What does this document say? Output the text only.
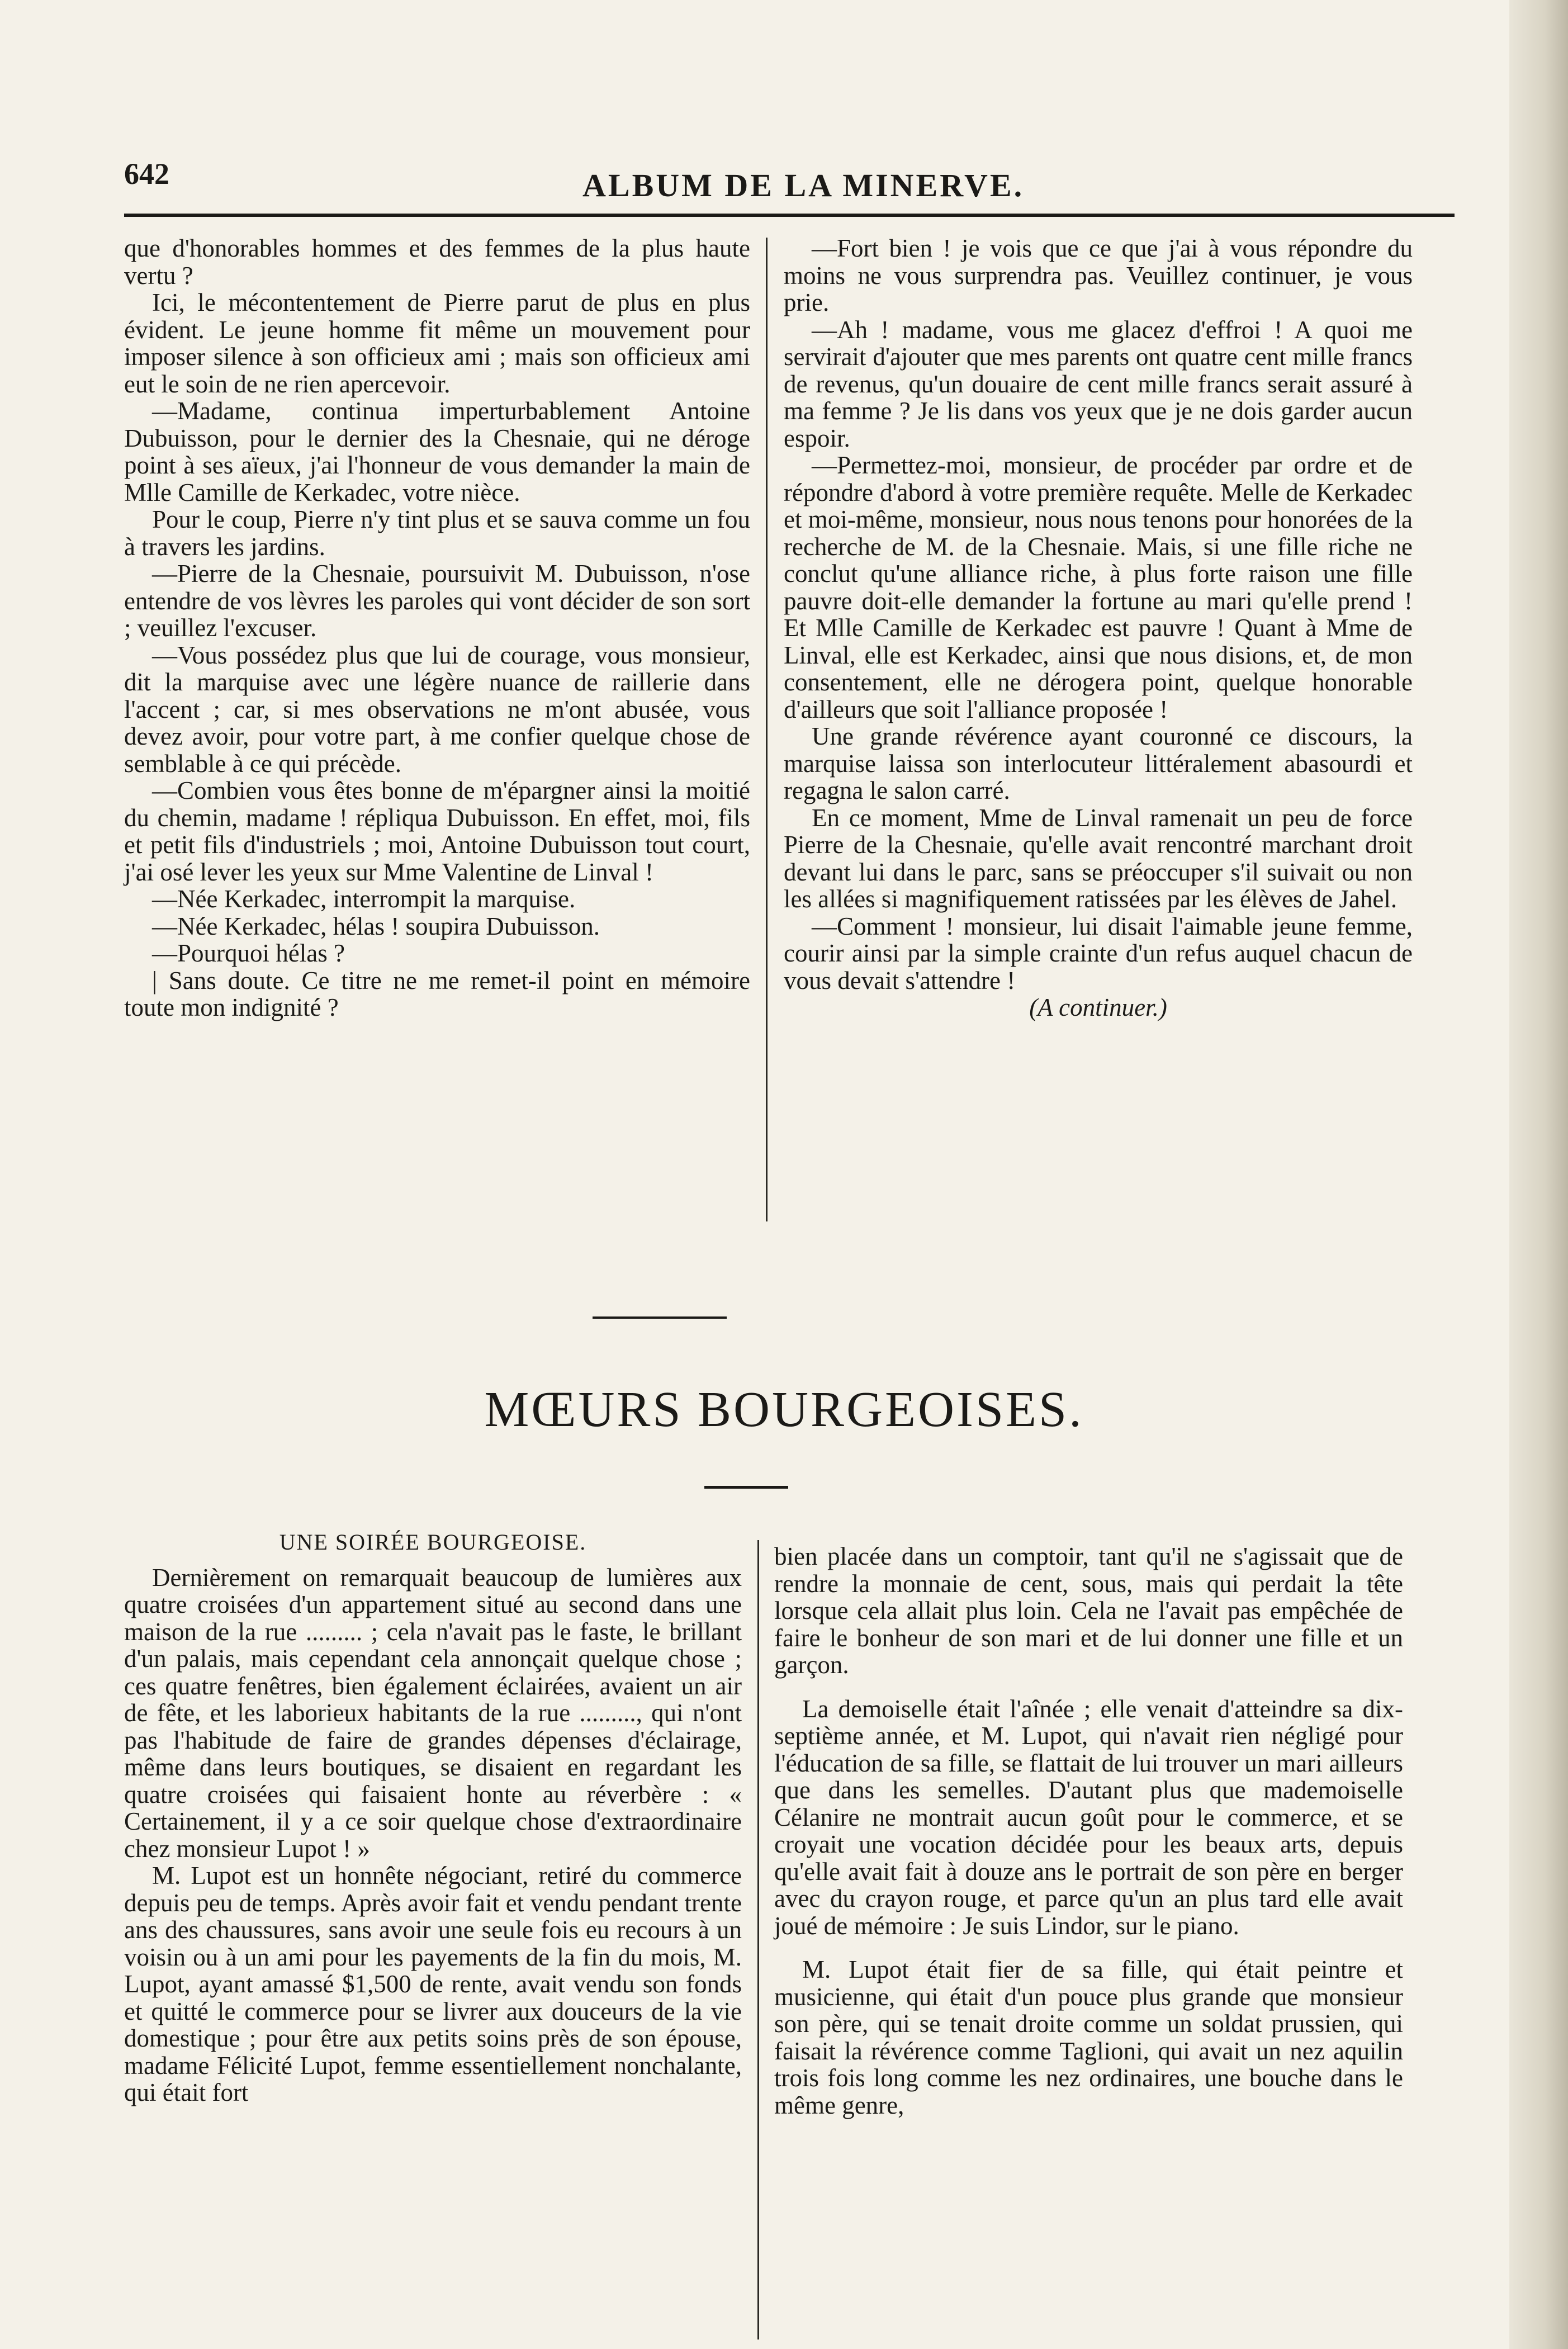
642	ALBUM DE LA MINERVE.

que d'honorables hommes et des femmes de la plus haute vertu ?

Ici, le mécontentement de Pierre parut de plus en plus évident. Le jeune homme fit même un mouvement pour imposer silence à son officieux ami ; mais son officieux ami eut le soin de ne rien apercevoir.

—Madame, continua imperturbablement Antoine Dubuisson, pour le dernier des la Chesnaie, qui ne déroge point à ses aïeux, j'ai l'honneur de vous demander la main de Mlle Camille de Kerkadec, votre nièce.

Pour le coup, Pierre n'y tint plus et se sauva comme un fou à travers les jardins.

—Pierre de la Chesnaie, poursuivit M. Dubuisson, n'ose entendre de vos lèvres les paroles qui vont décider de son sort ; veuillez l'excuser.

—Vous possédez plus que lui de courage, vous monsieur, dit la marquise avec une légère nuance de raillerie dans l'accent ; car, si mes observations ne m'ont abusée, vous devez avoir, pour votre part, à me confier quelque chose de semblable à ce qui précède.

—Combien vous êtes bonne de m'épargner ainsi la moitié du chemin, madame ! répliqua Dubuisson. En effet, moi, fils et petit fils d'industriels ; moi, Antoine Dubuisson tout court, j'ai osé lever les yeux sur Mme Valentine de Linval !

—Née Kerkadec, interrompit la marquise.

—Née Kerkadec, hélas ! soupira Dubuisson.

—Pourquoi hélas ?

| Sans doute. Ce titre ne me remet-il point en mémoire toute mon indignité ?

—Fort bien ! je vois que ce que j'ai à vous répondre du moins ne vous surprendra pas. Veuillez continuer, je vous prie.

—Ah ! madame, vous me glacez d'effroi ! A quoi me servirait d'ajouter que mes parents ont quatre cent mille francs de revenus, qu'un douaire de cent mille francs serait assuré à ma femme ? Je lis dans vos yeux que je ne dois garder aucun espoir.

—Permettez-moi, monsieur, de procéder par ordre et de répondre d'abord à votre première requête. Melle de Kerkadec et moi-même, monsieur, nous nous tenons pour honorées de la recherche de M. de la Chesnaie. Mais, si une fille riche ne conclut qu'une alliance riche, à plus forte raison une fille pauvre doit-elle demander la fortune au mari qu'elle prend ! Et Mlle Camille de Kerkadec est pauvre ! Quant à Mme de Linval, elle est Kerkadec, ainsi que nous disions, et, de mon consentement, elle ne dérogera point, quelque honorable d'ailleurs que soit l'alliance proposée !

Une grande révérence ayant couronné ce discours, la marquise laissa son interlocuteur littéralement abasourdi et regagna le salon carré.

En ce moment, Mme de Linval ramenait un peu de force Pierre de la Chesnaie, qu'elle avait rencontré marchant droit devant lui dans le parc, sans se préoccuper s'il suivait ou non les allées si magnifiquement ratissées par les élèves de Jahel.

—Comment ! monsieur, lui disait l'aimable jeune femme, courir ainsi par la simple crainte d'un refus auquel chacun de vous devait s'attendre !

(A continuer.)

MŒURS BOURGEOISES.
UNE SOIRÉE BOURGEOISE.

Dernièrement on remarquait beaucoup de lumières aux quatre croisées d'un appartement situé au second dans une maison de la rue ......... ; cela n'avait pas le faste, le brillant d'un palais, mais cependant cela annonçait quelque chose ; ces quatre fenêtres, bien également éclairées, avaient un air de fête, et les laborieux habitants de la rue ........., qui n'ont pas l'habitude de faire de grandes dépenses d'éclairage, même dans leurs boutiques, se disaient en regardant les quatre croisées qui faisaient honte au réverbère : « Certainement, il y a ce soir quelque chose d'extraordinaire chez monsieur Lupot ! »

M. Lupot est un honnête négociant, retiré du commerce depuis peu de temps. Après avoir fait et vendu pendant trente ans des chaussures, sans avoir une seule fois eu recours à un voisin ou à un ami pour les payements de la fin du mois, M. Lupot, ayant amassé $1,500 de rente, avait vendu son fonds et quitté le commerce pour se livrer aux douceurs de la vie domestique ; pour être aux petits soins près de son épouse, madame Félicité Lupot, femme essentiellement nonchalante, qui était fort

bien placée dans un comptoir, tant qu'il ne s'agissait que de rendre la monnaie de cent, sous, mais qui perdait la tête lorsque cela allait plus loin. Cela ne l'avait pas empêchée de faire le bonheur de son mari et de lui donner une fille et un garçon.

La demoiselle était l'aînée ; elle venait d'atteindre sa dix-septième année, et M. Lupot, qui n'avait rien négligé pour l'éducation de sa fille, se flattait de lui trouver un mari ailleurs que dans les semelles. D'autant plus que mademoiselle Célanire ne montrait aucun goût pour le commerce, et se croyait une vocation décidée pour les beaux arts, depuis qu'elle avait fait à douze ans le portrait de son père en berger avec du crayon rouge, et parce qu'un an plus tard elle avait joué de mémoire : Je suis Lindor, sur le piano.

M. Lupot était fier de sa fille, qui était peintre et musicienne, qui était d'un pouce plus grande que monsieur son père, qui se tenait droite comme un soldat prussien, qui faisait la révérence comme Taglioni, qui avait un nez aquilin trois fois long comme les nez ordinaires, une bouche dans le même genre,
